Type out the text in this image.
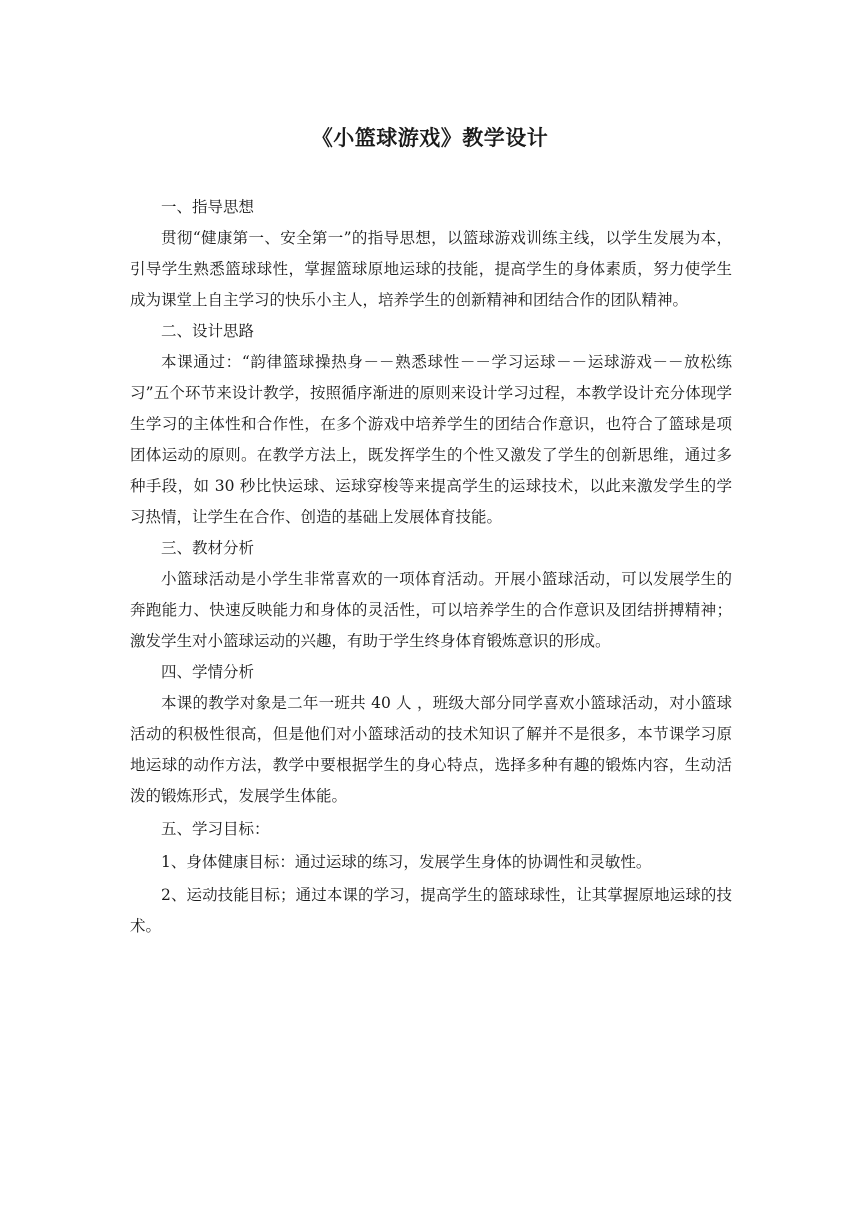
《小篮球游戏》教学设计

一、指导思想

贯彻“健康第一、安全第一”的指导思想，以篮球游戏训练主线，以学生发展为本，引导学生熟悉篮球球性，掌握篮球原地运球的技能，提高学生的身体素质，努力使学生成为课堂上自主学习的快乐小主人，培养学生的创新精神和团结合作的团队精神。

二、设计思路

本课通过：“韵律篮球操热身－－熟悉球性－－学习运球－－运球游戏－－放松练习”五个环节来设计教学，按照循序渐进的原则来设计学习过程，本教学设计充分体现学生学习的主体性和合作性，在多个游戏中培养学生的团结合作意识，也符合了篮球是项团体运动的原则。在教学方法上，既发挥学生的个性又激发了学生的创新思维，通过多种手段，如 30 秒比快运球、运球穿梭等来提高学生的运球技术，以此来激发学生的学习热情，让学生在合作、创造的基础上发展体育技能。

三、教材分析

小篮球活动是小学生非常喜欢的一项体育活动。开展小篮球活动，可以发展学生的奔跑能力、快速反映能力和身体的灵活性，可以培养学生的合作意识及团结拼搏精神；激发学生对小篮球运动的兴趣，有助于学生终身体育锻炼意识的形成。

四、学情分析

本课的教学对象是二年一班共 40 人 ，班级大部分同学喜欢小篮球活动，对小篮球活动的积极性很高，但是他们对小篮球活动的技术知识了解并不是很多，本节课学习原地运球的动作方法，教学中要根据学生的身心特点，选择多种有趣的锻炼内容，生动活泼的锻炼形式，发展学生体能。

五、学习目标：

1、身体健康目标：通过运球的练习，发展学生身体的协调性和灵敏性。

2、运动技能目标；通过本课的学习，提高学生的篮球球性，让其掌握原地运球的技术。
